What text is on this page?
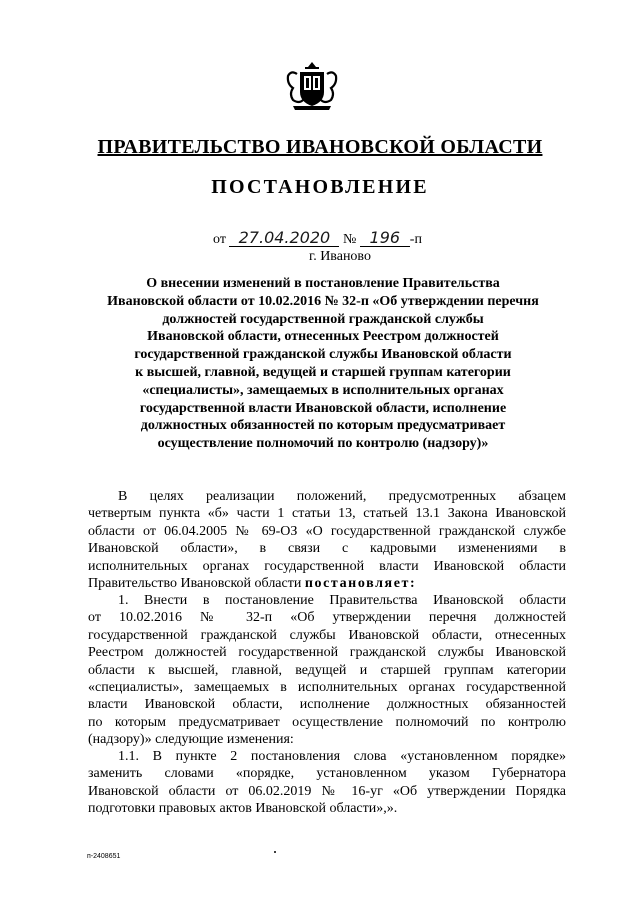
ПРАВИТЕЛЬСТВО ИВАНОВСКОЙ ОБЛАСТИ
ПОСТАНОВЛЕНИЕ
от 27.04.2020 № 196 -п
г. Иваново
О внесении изменений в постановление Правительства
Ивановской области от 10.02.2016 № 32-п «Об утверждении перечня
должностей государственной гражданской службы
Ивановской области, отнесенных Реестром должностей
государственной гражданской службы Ивановской области
к высшей, главной, ведущей и старшей группам категории
«специалисты», замещаемых в исполнительных органах
государственной власти Ивановской области, исполнение
должностных обязанностей по которым предусматривает
осуществление полномочий по контролю (надзору)»
В целях реализации положений, предусмотренных абзацем
четвертым пункта «б» части 1 статьи 13, статьей 13.1 Закона Ивановской
области от 06.04.2005 № 69-ОЗ «О государственной гражданской службе
Ивановской области», в связи с кадровыми изменениями в
исполнительных органах государственной власти Ивановской области
Правительство Ивановской области постановляет:
1. Внести в постановление Правительства Ивановской области
от 10.02.2016 № 32-п «Об утверждении перечня должностей
государственной гражданской службы Ивановской области, отнесенных
Реестром должностей государственной гражданской службы Ивановской
области к высшей, главной, ведущей и старшей группам категории
«специалисты», замещаемых в исполнительных органах государственной
власти Ивановской области, исполнение должностных обязанностей
по которым предусматривает осуществление полномочий по контролю
(надзору)» следующие изменения:
1.1. В пункте 2 постановления слова «установленном порядке»
заменить словами «порядке, установленном указом Губернатора
Ивановской области от 06.02.2019 № 16-уг «Об утверждении Порядка
подготовки правовых актов Ивановской области»,».
п-2408651
